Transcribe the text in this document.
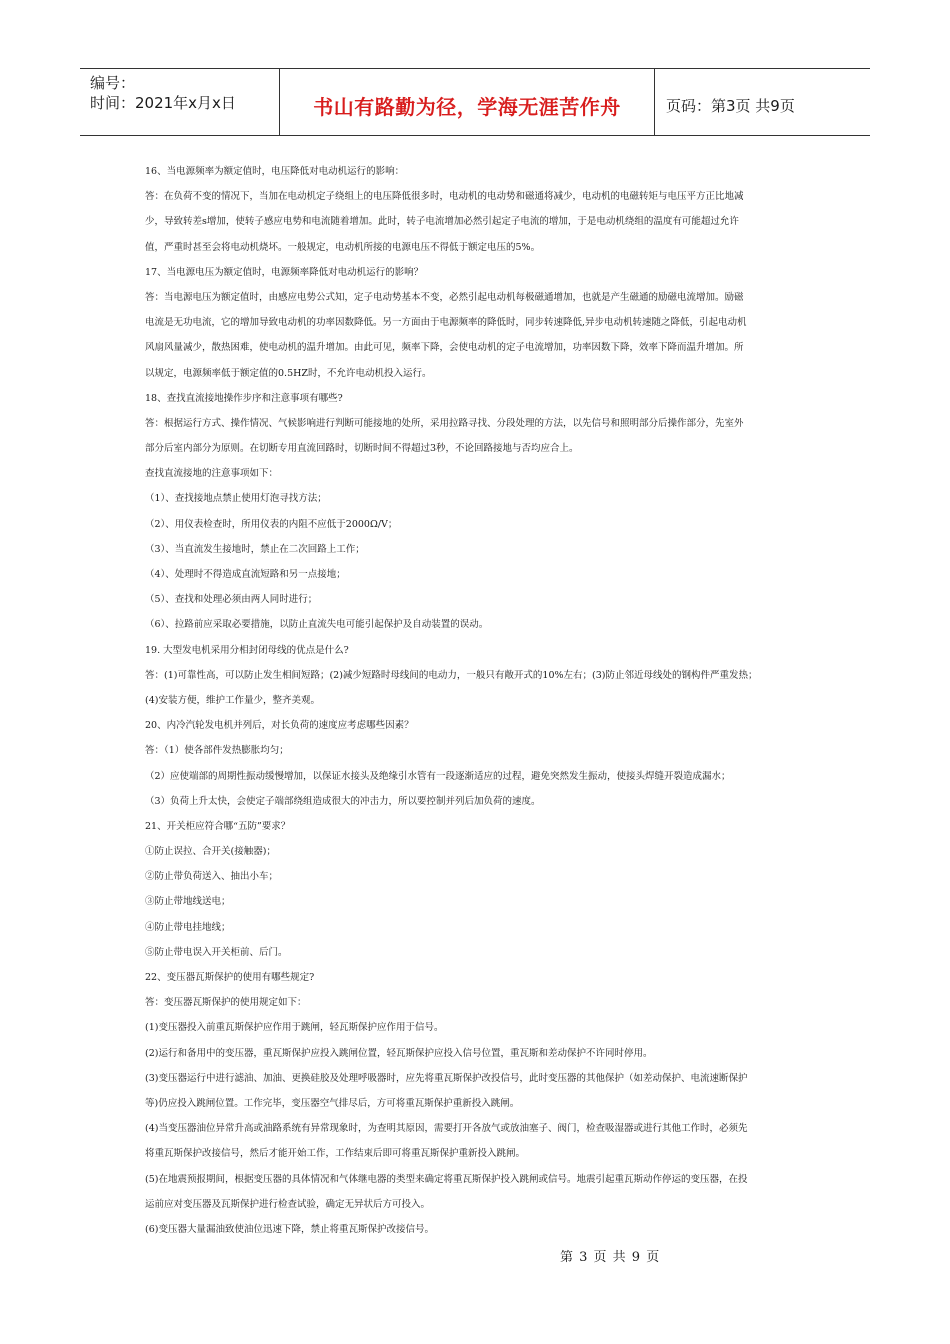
编号：
时间：2021年x月x日	书山有路勤为径，学海无涯苦作舟	页码：第3页 共9页
16、当电源频率为额定值时，电压降低对电动机运行的影响：
答：在负荷不变的情况下，当加在电动机定子绕组上的电压降低很多时，电动机的电动势和磁通将减少，电动机的电磁转矩与电压平方正比地减
少，导致转差s增加，使转子感应电势和电流随着增加。此时，转子电流增加必然引起定子电流的增加，于是电动机绕组的温度有可能超过允许
值，严重时甚至会将电动机烧坏。一般规定，电动机所接的电源电压不得低于额定电压的5%。
17、当电源电压为额定值时，电源频率降低对电动机运行的影响？
答：当电源电压为额定值时，由感应电势公式知，定子电动势基本不变，必然引起电动机每极磁通增加，也就是产生磁通的励磁电流增加。励磁
电流是无功电流，它的增加导致电动机的功率因数降低。另一方面由于电源频率的降低时，同步转速降低,异步电动机转速随之降低，引起电动机
风扇风量减少，散热困难，使电动机的温升增加。由此可见，频率下降，会使电动机的定子电流增加，功率因数下降，效率下降而温升增加。所
以规定，电源频率低于额定值的0.5HZ时，不允许电动机投入运行。
18、查找直流接地操作步序和注意事项有哪些?
答：根据运行方式、操作情况、气候影响进行判断可能接地的处所，采用拉路寻找、分段处理的方法，以先信号和照明部分后操作部分，先室外
部分后室内部分为原则。在切断专用直流回路时，切断时间不得超过3秒，不论回路接地与否均应合上。
查找直流接地的注意事项如下：
（1）、查找接地点禁止使用灯泡寻找方法；
（2）、用仪表检查时，所用仪表的内阻不应低于2000Ω/V；
（3）、当直流发生接地时，禁止在二次回路上工作；
（4）、处理时不得造成直流短路和另一点接地；
（5）、查找和处理必须由两人同时进行；
（6）、拉路前应采取必要措施，以防止直流失电可能引起保护及自动装置的误动。
19. 大型发电机采用分相封闭母线的优点是什么?
答：(1)可靠性高，可以防止发生相间短路；(2)减少短路时母线间的电动力，一般只有敞开式的10%左右；(3)防止邻近母线处的钢构件严重发热；
(4)安装方便，维护工作量少，整齐美观。
20、内冷汽轮发电机并列后，对长负荷的速度应考虑哪些因素？
答：（1）使各部件发热膨胀均匀；
（2）应使端部的周期性振动缓慢增加，以保证水接头及绝缘引水管有一段逐渐适应的过程，避免突然发生振动，使接头焊缝开裂造成漏水；
（3）负荷上升太快，会使定子端部绕组造成很大的冲击力，所以要控制并列后加负荷的速度。
21、开关柜应符合哪“五防”要求？
①防止误拉、合开关(接触器)；
②防止带负荷送入、抽出小车；
③防止带地线送电；
④防止带电挂地线；
⑤防止带电误入开关柜前、后门。
22、变压器瓦斯保护的使用有哪些规定?
答：变压器瓦斯保护的使用规定如下：
(1)变压器投入前重瓦斯保护应作用于跳闸，轻瓦斯保护应作用于信号。
(2)运行和备用中的变压器，重瓦斯保护应投入跳闸位置，轻瓦斯保护应投入信号位置，重瓦斯和差动保护不许同时停用。
(3)变压器运行中进行滤油、加油、更换硅胶及处理呼吸器时，应先将重瓦斯保护改投信号，此时变压器的其他保护（如差动保护、电流速断保护
等)仍应投入跳闸位置。工作完毕，变压器空气排尽后，方可将重瓦斯保护重新投入跳闸。
(4)当变压器油位异常升高或油路系统有异常现象时，为查明其原因，需要打开各放气或放油塞子、阀门，检查吸湿器或进行其他工作时，必须先
将重瓦斯保护改接信号，然后才能开始工作，工作结束后即可将重瓦斯保护重新投入跳闸。
(5)在地震预报期间，根据变压器的具体情况和气体继电器的类型来确定将重瓦斯保护投入跳闸或信号。地震引起重瓦斯动作停运的变压器，在投
运前应对变压器及瓦斯保护进行检查试验，确定无异状后方可投入。
(6)变压器大量漏油致使油位迅速下降，禁止将重瓦斯保护改接信号。
第 3 页 共 9 页
